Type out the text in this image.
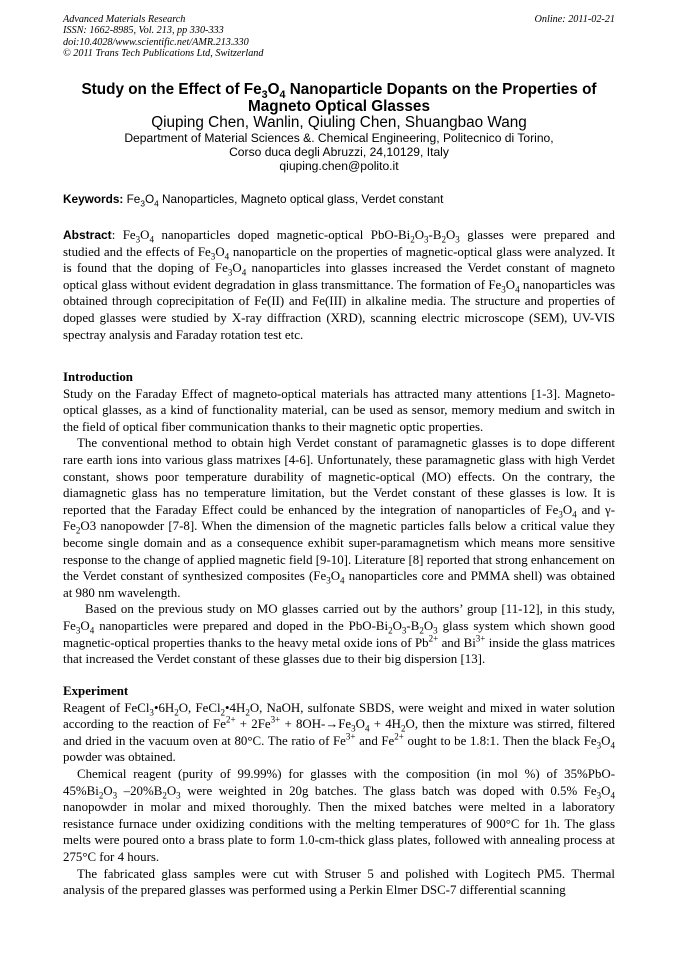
Advanced Materials Research
ISSN: 1662-8985, Vol. 213, pp 330-333
doi:10.4028/www.scientific.net/AMR.213.330
© 2011 Trans Tech Publications Ltd, Switzerland
Online: 2011-02-21
Study on the Effect of $Fe_3O_4$ Nanoparticle Dopants on the Properties of
Magneto Optical Glasses
Qiuping Chen, Wanlin, Qiuling Chen, Shuangbao Wang
Department of Material Sciences &. Chemical Engineering, Politecnico di Torino,
Corso duca degli Abruzzi, 24,10129, Italy
qiuping.chen@polito.it
Keywords: $Fe_3O_4$ Nanoparticles, Magneto optical glass, Verdet constant

Abstract: $Fe_3O_4$ nanoparticles doped magnetic-optical PbO-$Bi_2O_3-B_2O_3$ glasses were prepared and studied and the effects of $Fe_3O_4$ nanoparticle on the properties of magnetic-optical glass were analyzed. It is found that the doping of $Fe_3O_4$ nanoparticles into glasses increased the Verdet constant of magneto optical glass without evident degradation in glass transmittance. The formation of $Fe_3O_4$ nanoparticles was obtained through coprecipitation of Fe(II) and Fe(III) in alkaline media. The structure and properties of doped glasses were studied by X-ray diffraction (XRD), scanning electric microscope (SEM), UV-VIS spectray analysis and Faraday rotation test etc.

Introduction

Study on the Faraday Effect of magneto-optical materials has attracted many attentions [1-3]. Magneto-optical glasses, as a kind of functionality material, can be used as sensor, memory medium and switch in the field of optical fiber communication thanks to their magnetic optic properties.

The conventional method to obtain high Verdet constant of paramagnetic glasses is to dope different rare earth ions into various glass matrixes [4-6]. Unfortunately, these paramagnetic glass with high Verdet constant, shows poor temperature durability of magnetic-optical (MO) effects. On the contrary, the diamagnetic glass has no temperature limitation, but the Verdet constant of these glasses is low. It is reported that the Faraday Effect could be enhanced by the integration of nanoparticles of $Fe_3O_4$ and $\gamma-Fe_2O3$ nanopowder [7-8]. When the dimension of the magnetic particles falls below a critical value they become single domain and as a consequence exhibit super-paramagnetism which means more sensitive response to the change of applied magnetic field [9-10]. Literature [8] reported that strong enhancement on the Verdet constant of synthesized composites ($Fe_3O_4$ nanoparticles core and PMMA shell) was obtained at 980 nm wavelength.

Based on the previous study on MO glasses carried out by the authors’ group [11-12], in this study, $Fe_3O_4$ nanoparticles were prepared and doped in the PbO-$Bi_2O_3-B_2O_3$ glass system which shown good magnetic-optical properties thanks to the heavy metal oxide ions of $Pb^{2+}$ and $Bi^{3+}$ inside the glass matrices that increased the Verdet constant of these glasses due to their big dispersion [13].

Experiment

Reagent of $FeCl_3•6H_2O$, $FeCl_2•4H_2O$, NaOH, sulfonate SBDS, were weight and mixed in water solution according to the reaction of $Fe^{2+} + 2Fe^{3+} + 8OH-\to Fe_3O_4 + 4H_2O$, then the mixture was stirred, filtered and dried in the vacuum oven at 80°C. The ratio of $Fe^{3+}$ and $Fe^{2+}$ ought to be 1.8:1. Then the black $Fe_3O_4$ powder was obtained.

Chemical reagent (purity of 99.99%) for glasses with the composition (in mol %) of $35\%PbO-45\%Bi_2O_3$ $-20\%B_2O_3$ were weighted in 20g batches. The glass batch was doped with 0.5% $Fe_3O_4$ nanopowder in molar and mixed thoroughly. Then the mixed batches were melted in a laboratory resistance furnace under oxidizing conditions with the melting temperatures of 900°C for 1h. The glass melts were poured onto a brass plate to form 1.0-cm-thick glass plates, followed with annealing process at 275°C for 4 hours.

The fabricated glass samples were cut with Struser 5 and polished with Logitech PM5. Thermal analysis of the prepared glasses was performed using a Perkin Elmer DSC-7 differential scanning
